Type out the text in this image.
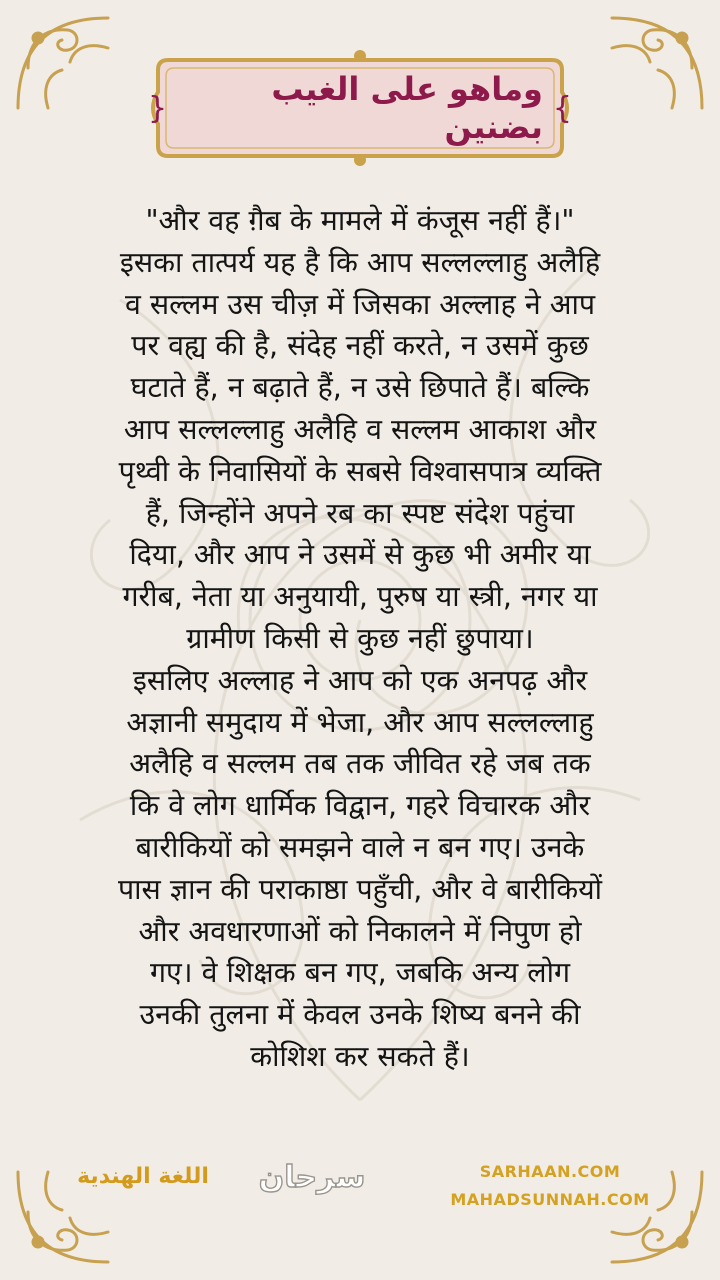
}	وماهو على الغيب بضنين {

"और वह ग़ैब के मामले में कंजूस नहीं हैं।"

इसका तात्पर्य यह है कि आप सल्लल्लाहु अलैहि

व सल्लम उस चीज़ में जिसका अल्लाह ने आप

पर वह्य की है, संदेह नहीं करते, न उसमें कुछ

घटाते हैं, न बढ़ाते हैं, न उसे छिपाते हैं। बल्कि

आप सल्लल्लाहु अलैहि व सल्लम आकाश और

पृथ्वी के निवासियों के सबसे विश्वासपात्र व्यक्ति

हैं, जिन्होंने अपने रब का स्पष्ट संदेश पहुंचा

दिया, और आप ने उसमें से कुछ भी अमीर या

गरीब, नेता या अनुयायी, पुरुष या स्त्री, नगर या

ग्रामीण किसी से कुछ नहीं छुपाया।

इसलिए अल्लाह ने आप को एक अनपढ़ और

अज्ञानी समुदाय में भेजा, और आप सल्लल्लाहु

अलैहि व सल्लम तब तक जीवित रहे जब तक

कि वे लोग धार्मिक विद्वान, गहरे विचारक और

बारीकियों को समझने वाले न बन गए। उनके

पास ज्ञान की पराकाष्ठा पहुँची, और वे बारीकियों

और अवधारणाओं को निकालने में निपुण हो

गए। वे शिक्षक बन गए, जबकि अन्य लोग

उनकी तुलना में केवल उनके शिष्य बनने की

कोशिश कर सकते हैं।

اللغة الهندية	سرحان	SARHAAN.COM
MAHADSUNNAH.COM
